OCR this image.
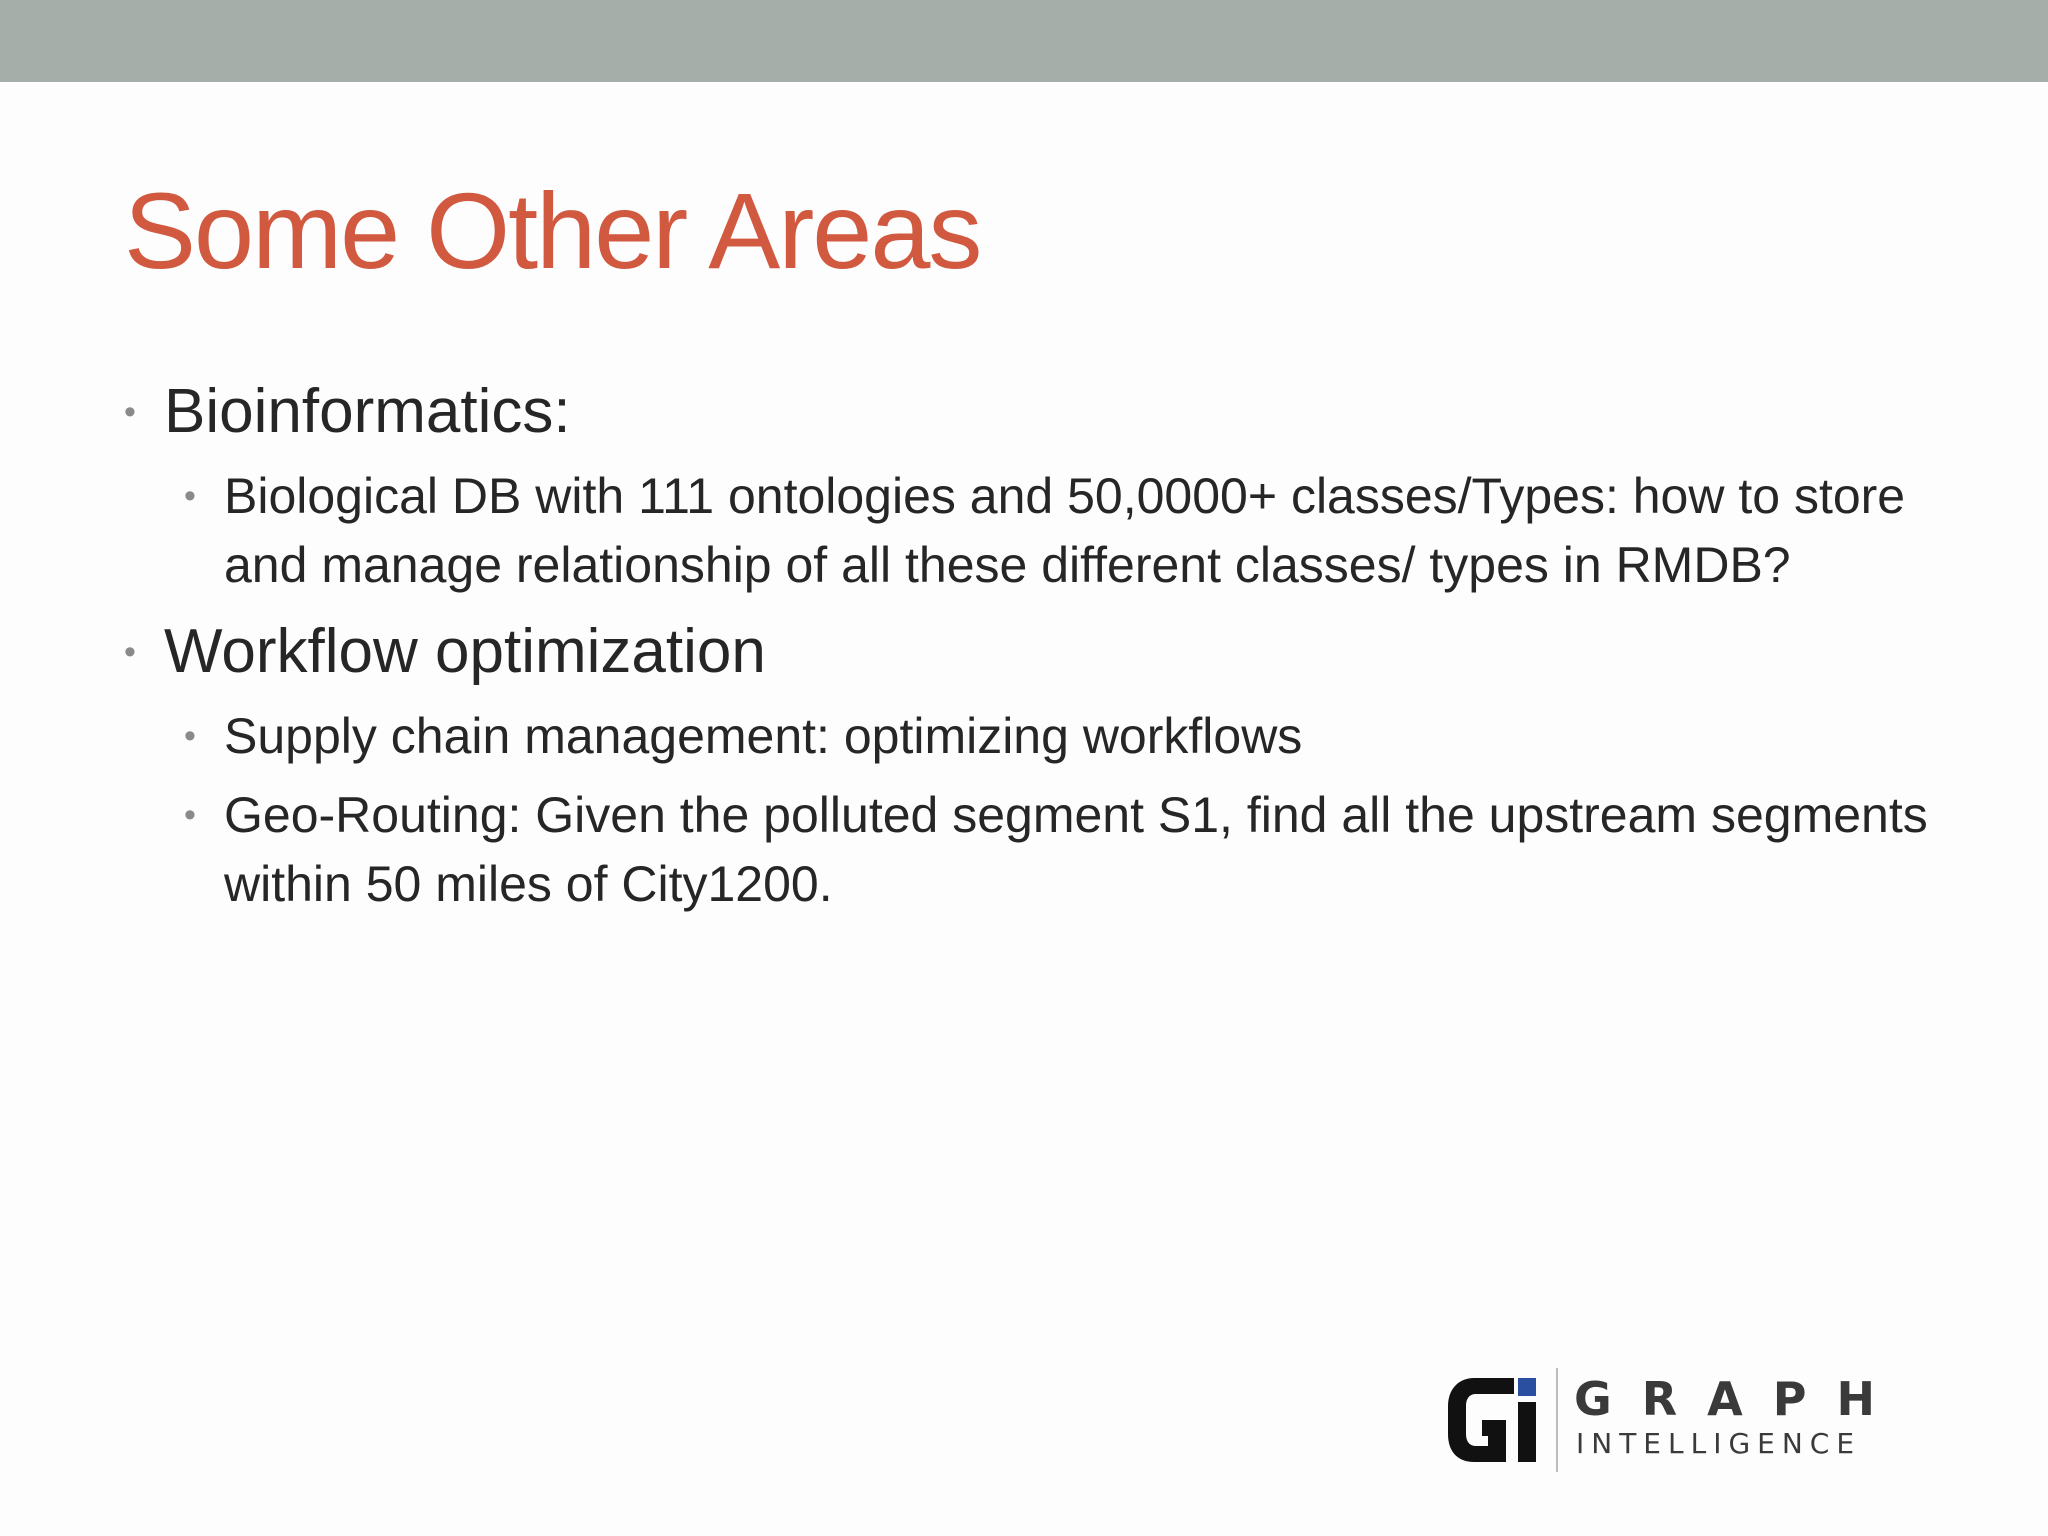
Some Other Areas
• Bioinformatics:
• Biological DB with 111 ontologies and 50,0000+ classes/Types: how to store and manage relationship of all these different classes/ types in RMDB?
• Workflow optimization
• Supply chain management: optimizing workflows
• Geo-Routing: Given the polluted segment S1, find all the upstream segments within 50 miles of City1200.
GRAPH
INTELLIGENCE
